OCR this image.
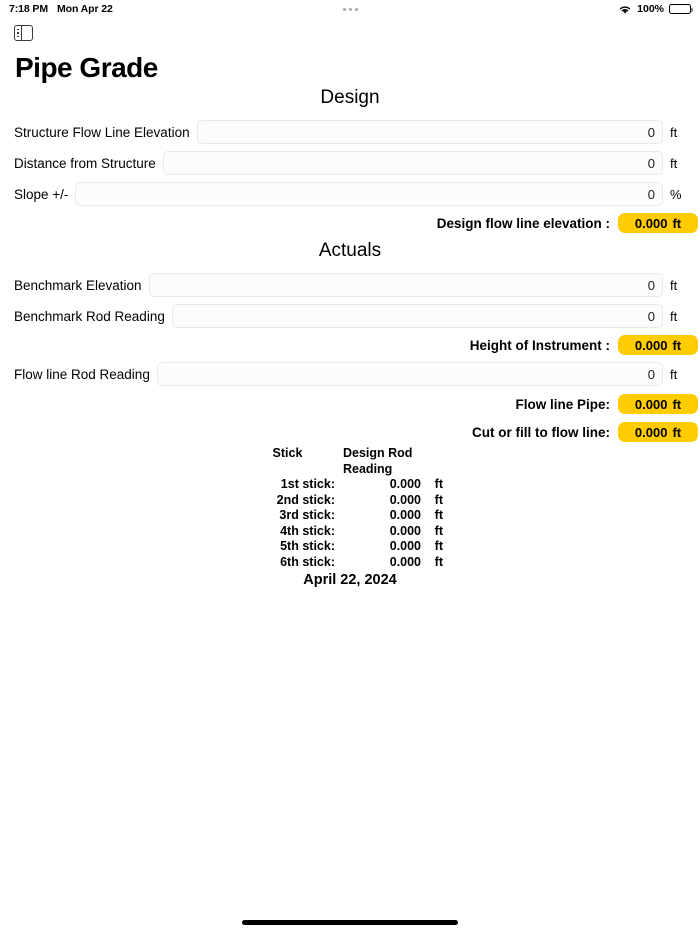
7:18 PM Mon Apr 22	100%
Pipe Grade
Design
Structure Flow Line Elevation	0	ft
Distance from Structure	0	ft
Slope +/-	0	%
Design flow line elevation : 0.000 ft
Actuals
Benchmark Elevation	0	ft
Benchmark Rod Reading	0	ft
Height of Instrument : 0.000 ft
Flow line Rod Reading	0	ft
Flow line Pipe: 0.000 ft
Cut or fill to flow line: 0.000 ft
Stick	Design Rod Reading
1st stick:	0.000	ft
2nd stick:	0.000	ft
3rd stick:	0.000	ft
4th stick:	0.000	ft
5th stick:	0.000	ft
6th stick:	0.000	ft
April 22, 2024
